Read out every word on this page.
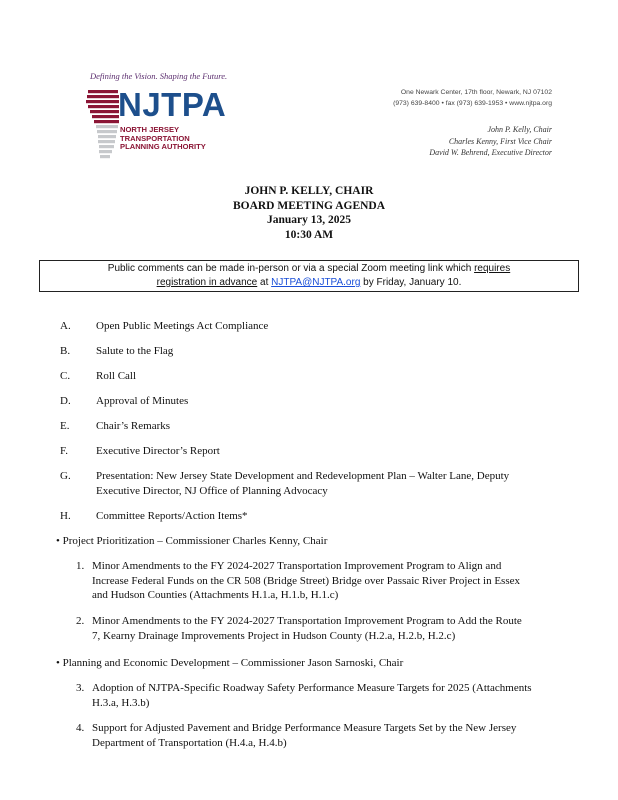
Defining the Vision. Shaping the Future.
NJTPA
NORTH JERSEY
TRANSPORTATION
PLANNING AUTHORITY
One Newark Center, 17th floor, Newark, NJ 07102
(973) 639-8400 • fax (973) 639-1953 • www.njtpa.org
John P. Kelly, Chair
Charles Kenny, First Vice Chair
David W. Behrend, Executive Director
JOHN P. KELLY, CHAIR
BOARD MEETING AGENDA
January 13, 2025
10:30 AM
Public comments can be made in-person or via a special Zoom meeting link which requires
registration in advance at NJTPA@NJTPA.org by Friday, January 10.
A. Open Public Meetings Act Compliance
B. Salute to the Flag
C. Roll Call
D. Approval of Minutes
E. Chair’s Remarks
F.	Executive Director’s Report
G. Presentation: New Jersey State Development and Redevelopment Plan – Walter Lane, Deputy Executive Director, NJ Office of Planning Advocacy
H. Committee Reports/Action Items*
• Project Prioritization – Commissioner Charles Kenny, Chair
1. Minor Amendments to the FY 2024-2027 Transportation Improvement Program to Align and Increase Federal Funds on the CR 508 (Bridge Street) Bridge over Passaic River Project in Essex and Hudson Counties (Attachments H.1.a, H.1.b, H.1.c)
2. Minor Amendments to the FY 2024-2027 Transportation Improvement Program to Add the Route 7, Kearny Drainage Improvements Project in Hudson County (H.2.a, H.2.b, H.2.c)
• Planning and Economic Development – Commissioner Jason Sarnoski, Chair
3. Adoption of NJTPA-Specific Roadway Safety Performance Measure Targets for 2025 (Attachments H.3.a, H.3.b)
4. Support for Adjusted Pavement and Bridge Performance Measure Targets Set by the New Jersey Department of Transportation (H.4.a, H.4.b)
